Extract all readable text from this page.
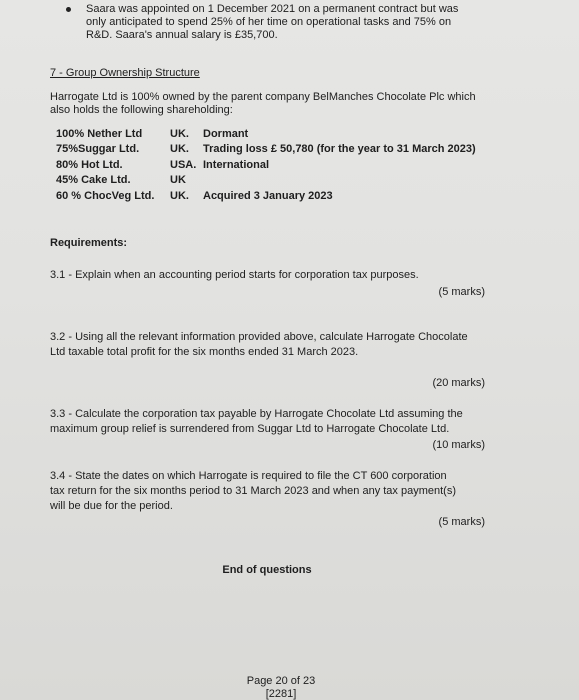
Saara was appointed on 1 December 2021 on a permanent contract but was
only anticipated to spend 25% of her time on operational tasks and 75% on
R&D. Saara's annual salary is £35,700.
7 - Group Ownership Structure
Harrogate Ltd is 100% owned by the parent company BelManches Chocolate Plc which
also holds the following shareholding:
100% Nether Ltd	UK.	Dormant
75%Suggar Ltd.	UK.	Trading loss £ 50,780 (for the year to 31 March 2023)
80% Hot Ltd.	USA.	International
45% Cake Ltd.	UK	
60 % ChocVeg Ltd.	UK.	Acquired 3 January 2023
Requirements:
3.1 - Explain when an accounting period starts for corporation tax purposes.
(5 marks)
3.2 - Using all the relevant information provided above, calculate Harrogate Chocolate
Ltd taxable total profit for the six months ended 31 March 2023.
(20 marks)
3.3 - Calculate the corporation tax payable by Harrogate Chocolate Ltd assuming the
maximum group relief is surrendered from Suggar Ltd to Harrogate Chocolate Ltd.
(10 marks)
3.4 - State the dates on which Harrogate is required to file the CT 600 corporation
tax return for the six months period to 31 March 2023 and when any tax payment(s)
will be due for the period.
(5 marks)
End of questions
Page 20 of 23
[2281]
